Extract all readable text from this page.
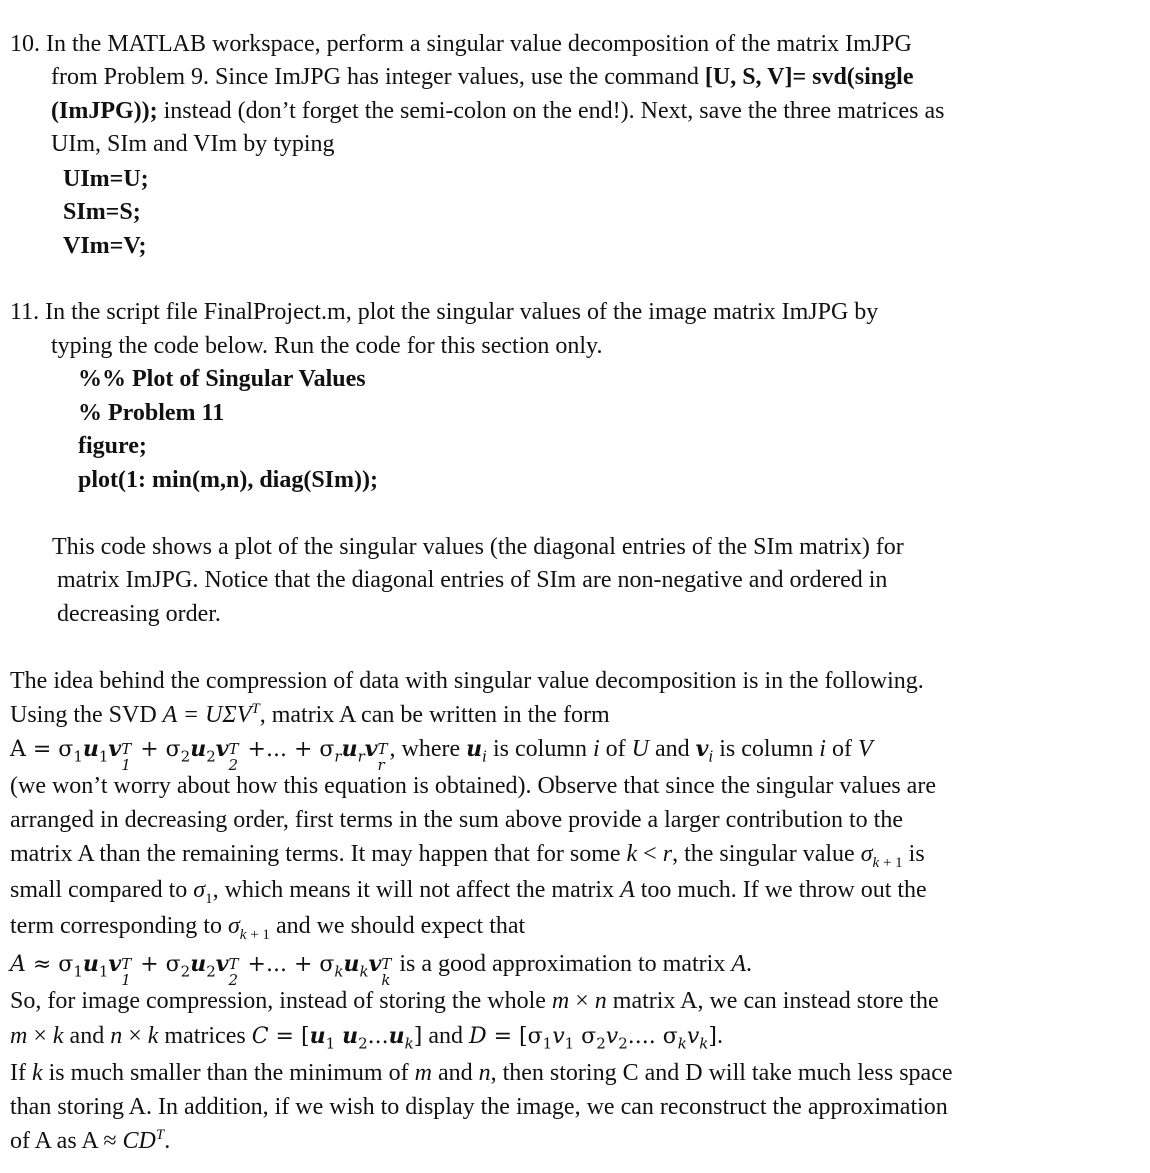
10. In the MATLAB workspace, perform a singular value decomposition of the matrix ImJPG
from Problem 9. Since ImJPG has integer values, use the command [U, S, V]= svd(single
(ImJPG)); instead (don’t forget the semi-colon on the end!). Next, save the three matrices as
UIm, SIm and VIm by typing
UIm=U;
SIm=S;
VIm=V;
11. In the script file FinalProject.m, plot the singular values of the image matrix ImJPG by
typing the code below. Run the code for this section only.
%% Plot of Singular Values
% Problem 11
figure;
plot(1: min(m,n), diag(SIm));
This code shows a plot of the singular values (the diagonal entries of the SIm matrix) for
matrix ImJPG. Notice that the diagonal entries of SIm are non-negative and ordered in
decreasing order.
The idea behind the compression of data with singular value decomposition is in the following.
Using the SVD $A = U\Sigma V^T$, matrix A can be written in the form
$A = \sigma_1u_1v$ T
1
+ $\sigma_2u_2v$ T
2
+... + $\sigma_ru_rv$ T
r
, where $u_i$ is column i of U and $v_i$ is column i of V
(we won’t worry about how this equation is obtained). Observe that since the singular values are
arranged in decreasing order, first terms in the sum above provide a larger contribution to the
matrix A than the remaining terms. It may happen that for some k < r, the singular value $\sigma_k$ $_{+ 1}$ is
small compared to $\sigma_1$, which means it will not affect the matrix A too much. If we throw out the
term corresponding to $\sigma_k$ $_{+ 1}$ and we should expect that
$A \approx \sigma_1u_1v$ T
1
+ $\sigma_2u_2v$ T
2
+... + $\sigma_ku_kv$ T
k
is a good approximation to matrix A.
So, for image compression, instead of storing the whole m × n matrix A, we can instead store the
m × k and n × k matrices $C = [u_1$ $u_2...u_k$] and $D = [\sigma_1v_1$ $\sigma_2v_2$.... $\sigma_kv_k$].
If k is much smaller than the minimum of m and n, then storing C and D will take much less space
than storing A. In addition, if we wish to display the image, we can reconstruct the approximation
of A as $A \approx CD^T$.
